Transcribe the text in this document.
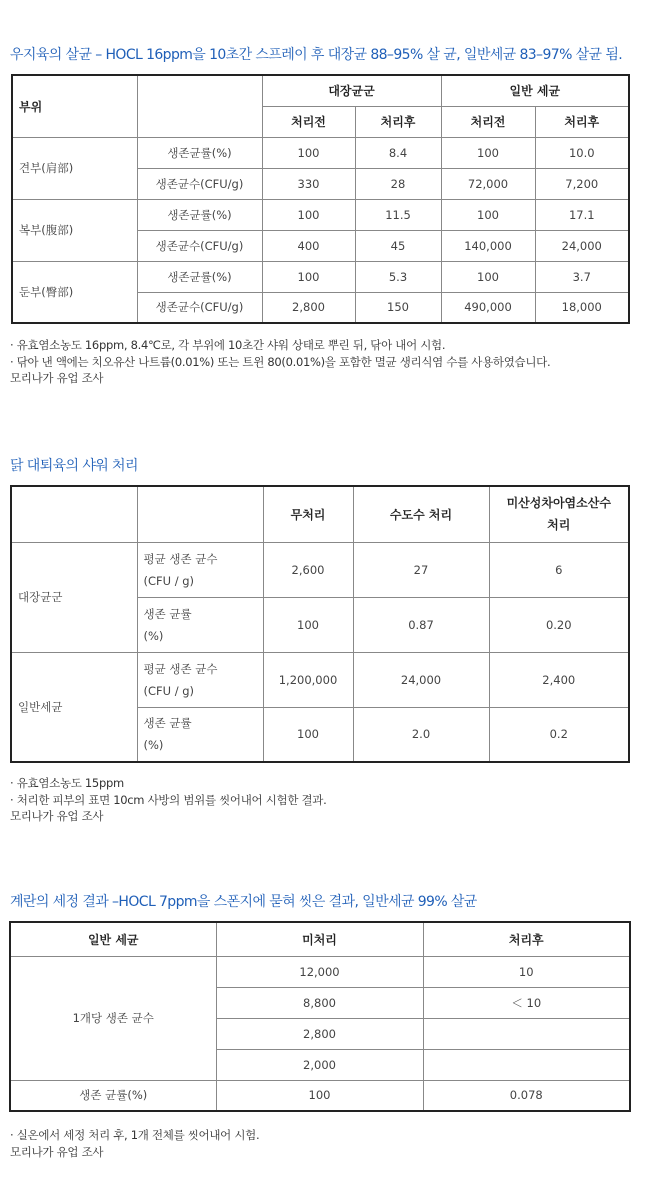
우지육의 살균 – HOCL 16ppm을 10초간 스프레이 후 대장균 88–95% 살 균, 일반세균 83–97% 살균 됨.
부위		대장균군		일반 세균	
		처리전	처리후	처리전	처리후
견부(肩部)	생존균률(%)	100	8.4	100	10.0
	생존균수(CFU/g)	330	28	72,000	7,200
복부(腹部)	생존균률(%)	100	11.5	100	17.1
	생존균수(CFU/g)	400	45	140,000	24,000
둔부(臀部)	생존균률(%)	100	5.3	100	3.7
	생존균수(CFU/g)	2,800	150	490,000	18,000
· 유효염소농도 16ppm, 8.4℃로, 각 부위에 10초간 샤워 상태로 뿌린 뒤, 닦아 내어 시험.
· 닦아 낸 액에는 치오유산 나트륨(0.01%) 또는 트윈 80(0.01%)을 포함한 멸균 생리식염 수를 사용하였습니다.
모리나가 유업 조사
닭 대퇴육의 샤워 처리
		무처리	수도수 처리	미산성차아염소산수
처리

대장균군	평균 생존 균수
(CFU / g)	2,600	27	6

	생존 균률
(%)	100	0.87	0.20
일반세균	평균 생존 균수
(CFU / g)	1,200,000	24,000	2,400

	생존 균률
(%)	100	2.0	0.2
· 유효염소농도 15ppm
· 처리한 피부의 표면 10cm 사방의 범위를 씻어내어 시험한 결과.
모리나가 유업 조사
계란의 세정 결과 –HOCL 7ppm을 스폰지에 묻혀 씻은 결과, 일반세균 99% 살균
일반 세균	미처리	처리후
1개당 생존 균수	12,000	10
	8,800	＜ 10
	2,800	
	2,000	
생존 균률(%)	100	0.078
· 실온에서 세정 처리 후, 1개 전체를 씻어내어 시험.
모리나가 유업 조사
